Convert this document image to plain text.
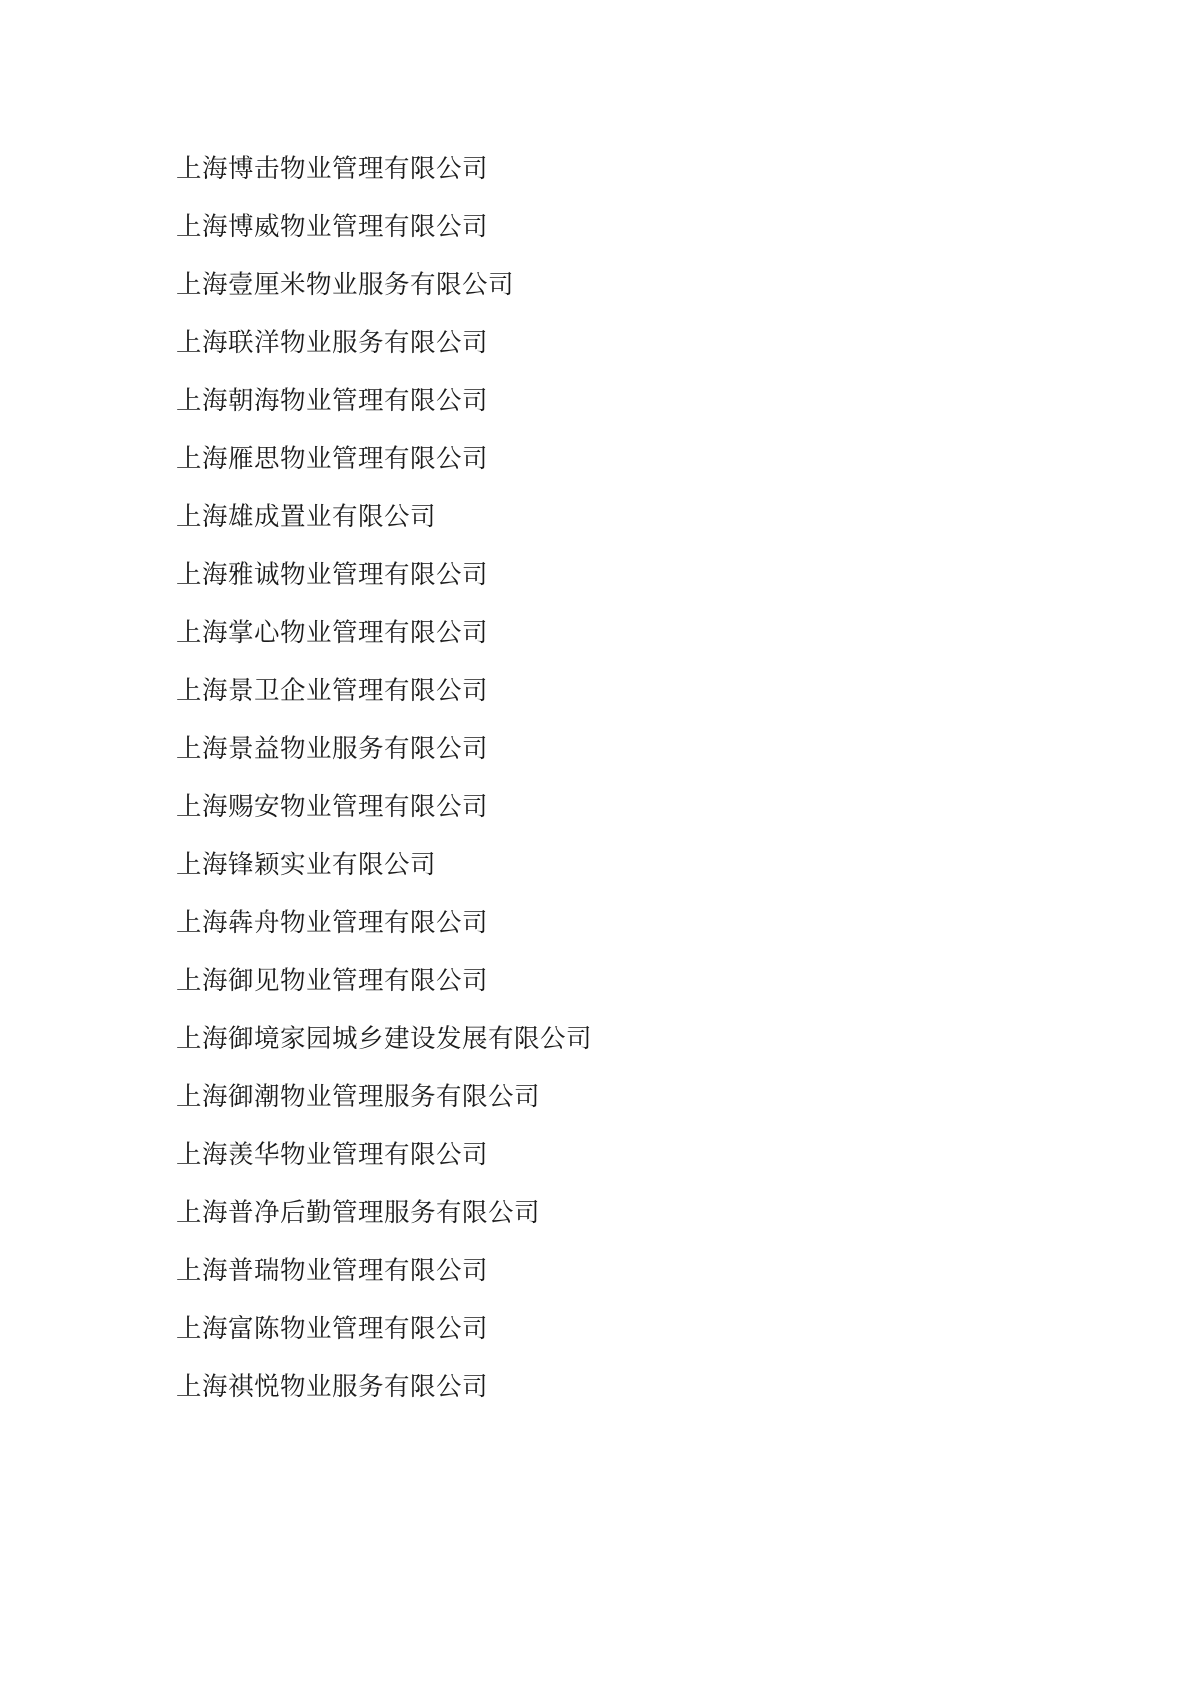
上海博击物业管理有限公司
上海博威物业管理有限公司
上海壹厘米物业服务有限公司
上海联洋物业服务有限公司
上海朝海物业管理有限公司
上海雁思物业管理有限公司
上海雄成置业有限公司
上海雅诚物业管理有限公司
上海掌心物业管理有限公司
上海景卫企业管理有限公司
上海景益物业服务有限公司
上海赐安物业管理有限公司
上海锋颖实业有限公司
上海犇舟物业管理有限公司
上海御见物业管理有限公司
上海御境家园城乡建设发展有限公司
上海御潮物业管理服务有限公司
上海羡华物业管理有限公司
上海普净后勤管理服务有限公司
上海普瑞物业管理有限公司
上海富陈物业管理有限公司
上海祺悦物业服务有限公司
